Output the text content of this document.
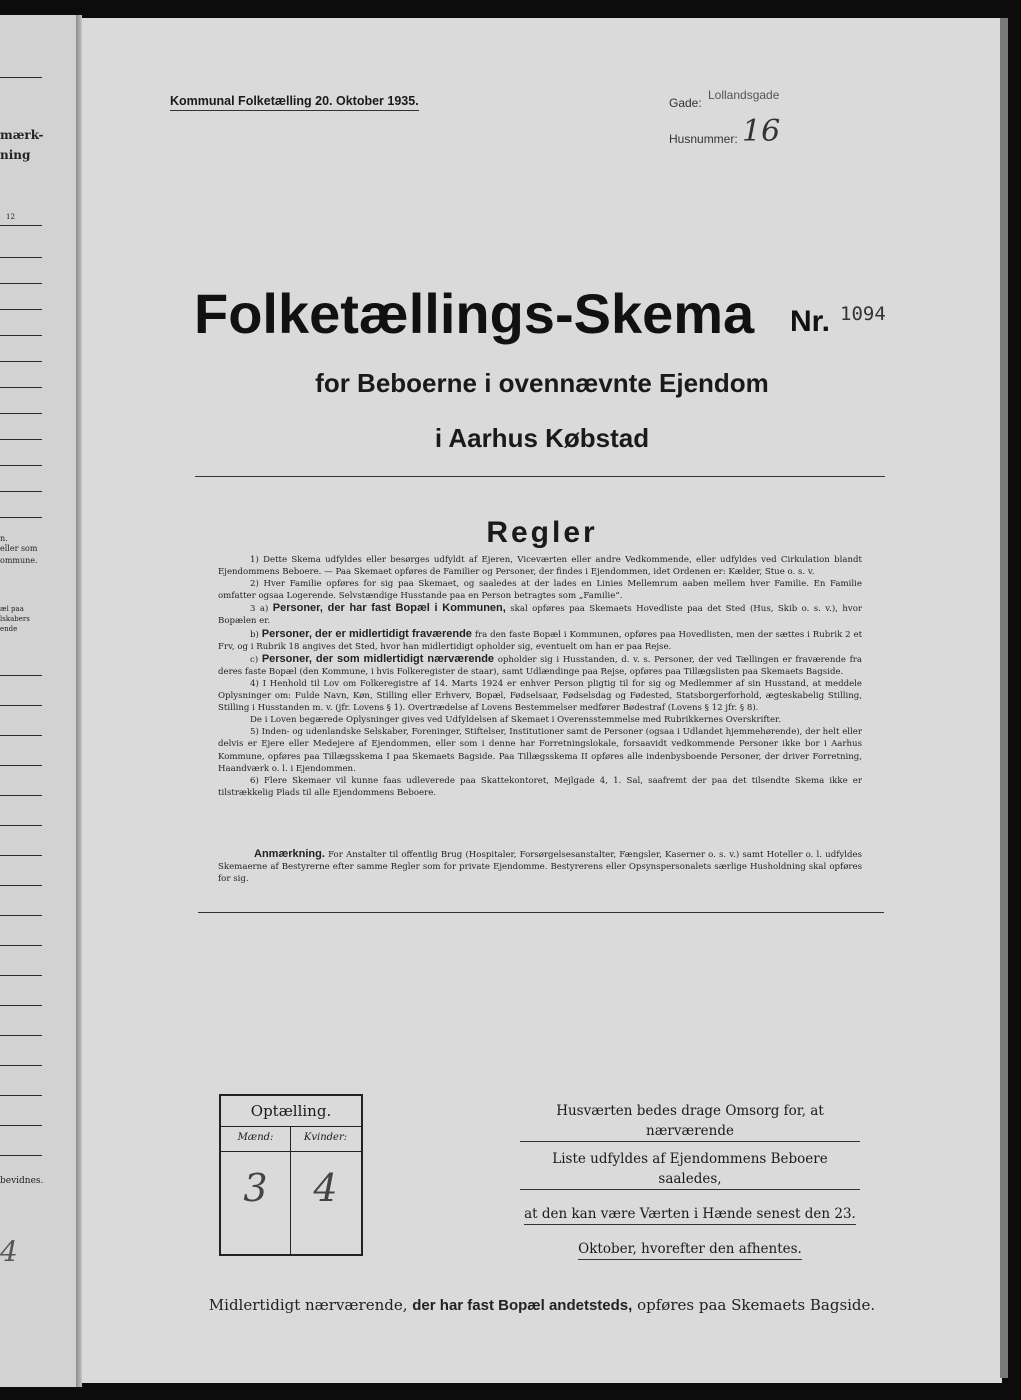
mærk-
ning
12
n.
eller som
ommune.
æl paa
lskabers
ende
bevidnes.
4
Kommunal Folketælling 20. Oktober 1935.	Gade:
Lollandsgade
Husnummer: 16
Folketællings-Skema Nr. 1094
for Beboerne i ovennævnte Ejendom
i Aarhus Købstad
Regler

1) Dette Skema udfyldes eller besørges udfyldt af Ejeren, Viceværten eller andre Vedkommende, eller udfyldes ved Cirkulation blandt Ejendommens Beboere. — Paa Skemaet opføres de Familier og Personer, der findes i Ejendommen, idet Ordenen er: Kælder, Stue o. s. v.

2) Hver Familie opføres for sig paa Skemaet, og saaledes at der lades en Linies Mellemrum aaben mellem hver Familie. En Familie omfatter ogsaa Logerende. Selvstændige Husstande paa en Person betragtes som „Familie“.

3 a) Personer, der har fast Bopæl i Kommunen, skal opføres paa Skemaets Hovedliste paa det Sted (Hus, Skib o. s. v.), hvor Bopælen er.

b) Personer, der er midlertidigt fraværende fra den faste Bopæl i Kommunen, opføres paa Hovedlisten, men der sættes i Rubrik 2 et Frv, og i Rubrik 18 angives det Sted, hvor han midlertidigt opholder sig, eventuelt om han er paa Rejse.

c) Personer, der som midlertidigt nærværende opholder sig i Husstanden, d. v. s. Personer, der ved Tællingen er fraværende fra deres faste Bopæl (den Kommune, i hvis Folkeregister de staar), samt Udlændinge paa Rejse, opføres paa Tillægslisten paa Skemaets Bagside.

4) I Henhold til Lov om Folkeregistre af 14. Marts 1924 er enhver Person pligtig til for sig og Medlemmer af sin Husstand, at meddele Oplysninger om: Fulde Navn, Køn, Stilling eller Erhverv, Bopæl, Fødselsaar, Fødselsdag og Fødested, Statsborgerforhold, ægteskabelig Stilling, Stilling i Husstanden m. v. (jfr. Lovens § 1). Overtrædelse af Lovens Bestemmelser medfører Bødestraf (Lovens § 12 jfr. § 8).

De i Loven begærede Oplysninger gives ved Udfyldelsen af Skemaet i Overensstemmelse med Rubrikkernes Overskrifter.

5) Inden- og udenlandske Selskaber, Foreninger, Stiftelser, Institutioner samt de Personer (ogsaa i Udlandet hjemmehørende), der helt eller delvis er Ejere eller Medejere af Ejendommen, eller som i denne har Forretningslokale, forsaavidt vedkommende Personer ikke bor i Aarhus Kommune, opføres paa Tillægsskema I paa Skemaets Bagside. Paa Tillægsskema II opføres alle indenbysboende Personer, der driver Forretning, Haandværk o. l. i Ejendommen.

6) Flere Skemaer vil kunne faas udleverede paa Skattekontoret, Mejlgade 4, 1. Sal, saafremt der paa det tilsendte Skema ikke er tilstrækkelig Plads til alle Ejendommens Beboere.

Anmærkning. For Anstalter til offentlig Brug (Hospitaler, Forsørgelsesanstalter, Fængsler, Kaserner o. s. v.) samt Hoteller o. l. udfyldes Skemaerne af Bestyrerne efter samme Regler som for private Ejendomme. Bestyrerens eller Opsynspersonalets særlige Husholdning skal opføres for sig.

Optælling.
Mænd:	Kvinder:
3	4
Husværten bedes drage Omsorg for, at nærværende
Liste udfyldes af Ejendommens Beboere saaledes,
at den kan være Værten i Hænde senest den 23.
Oktober, hvorefter den afhentes.
Midlertidigt nærværende, der har fast Bopæl andetsteds, opføres paa Skemaets Bagside.
